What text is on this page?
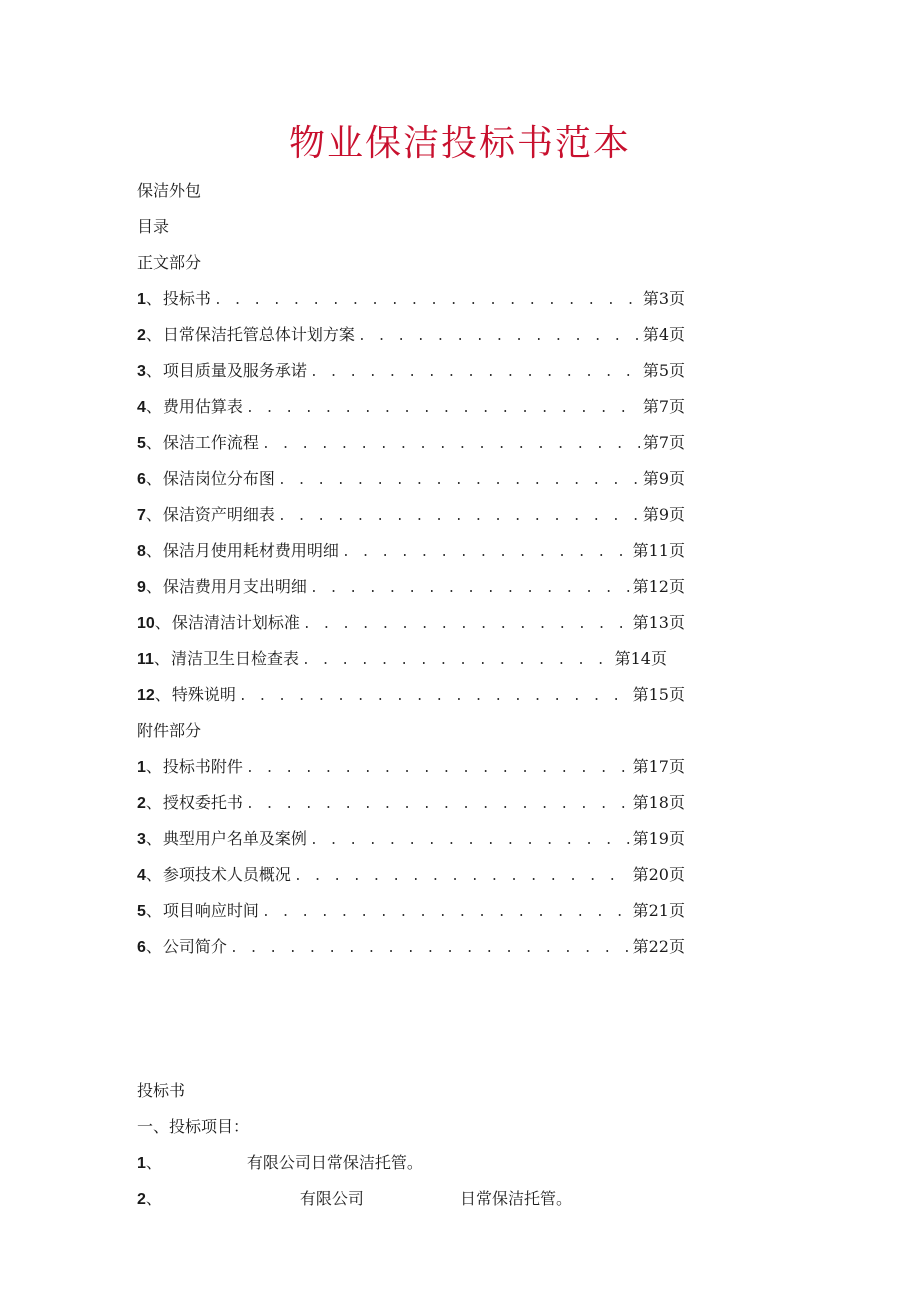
物业保洁投标书范本
保洁外包
目录
正文部分
1 、 投标书 . . .	第3页
2 、 日常保洁托管总体计划方案 . . .	第4页
3 、 项目质量及服务承诺 . . .	第5页
4 、 费用估算表 . . .	第7页
5 、 保洁工作流程 . . .	第7页
6 、 保洁岗位分布图 . . .	第9页
7 、 保洁资产明细表 . . .	第9页
8 、 保洁月使用耗材费用明细 . . .	第11页
9 、 保洁费用月支出明细 . . .	第12页
10 、 保洁清洁计划标准 . . .	第13页
11 、 清洁卫生日检查表 . . .	第14页
12 、 特殊说明 . . .	第15页
附件部分
1 、 投标书附件 . . .	第17页
2 、 授权委托书 . . .	第18页
3 、 典型用户名单及案例 . . .	第19页
4 、 参项技术人员概况 . . .	第20页
5 、 项目响应时间 . . .	第21页
6 、 公司简介 . . .	第22页
投标书
一、投标项目：
1、	有限公司日常保洁托管。
2、	有限公司	日常保洁托管。
